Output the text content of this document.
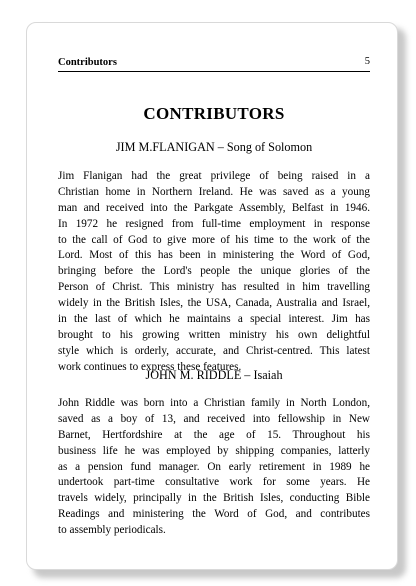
Contributors	5
CONTRIBUTORS
JIM M.FLANIGAN – Song of Solomon
Jim Flanigan had the great privilege of being raised in a
Christian home in Northern Ireland. He was saved as a young
man and received into the Parkgate Assembly, Belfast in 1946.
In 1972 he resigned from full-time employment in response
to the call of God to give more of his time to the work of the
Lord. Most of this has been in ministering the Word of God,
bringing before the Lord's people the unique glories of the
Person of Christ. This ministry has resulted in him travelling
widely in the British Isles, the USA, Canada, Australia and Israel,
in the last of which he maintains a special interest. Jim has
brought to his growing written ministry his own delightful
style which is orderly, accurate, and Christ-centred. This latest
work continues to express these features.
JOHN M. RIDDLE – Isaiah
John Riddle was born into a Christian family in North London,
saved as a boy of 13, and received into fellowship in New
Barnet, Hertfordshire at the age of 15. Throughout his
business life he was employed by shipping companies, latterly
as a pension fund manager. On early retirement in 1989 he
undertook part-time consultative work for some years. He
travels widely, principally in the British Isles, conducting Bible
Readings and ministering the Word of God, and contributes
to assembly periodicals.
